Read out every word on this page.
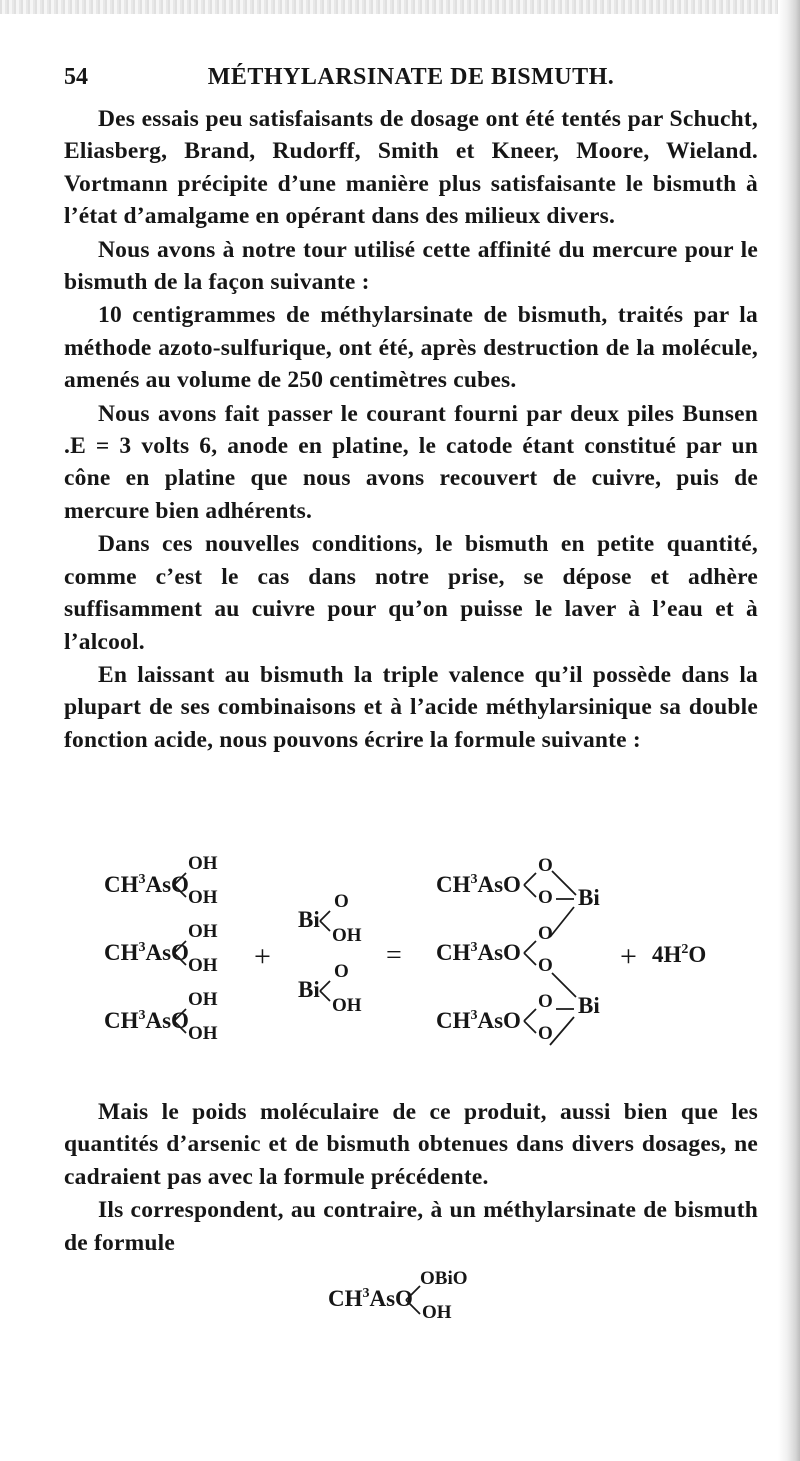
54	MÉTHYLARSINATE DE BISMUTH.

Des essais peu satisfaisants de dosage ont été tentés par Schucht, Eliasberg, Brand, Rudorff, Smith et Kneer, Moore, Wieland. Vortmann précipite d’une manière plus satisfaisante le bismuth à l’état d’amalgame en opérant dans des milieux divers.

Nous avons à notre tour utilisé cette affinité du mercure pour le bismuth de la façon suivante :

10 centigrammes de méthylarsinate de bismuth, traités par la méthode azoto-sulfurique, ont été, après destruction de la molécule, amenés au volume de 250 centimètres cubes.

Nous avons fait passer le courant fourni par deux piles Bunsen .E = 3 volts 6, anode en platine, le catode étant constitué par un cône en platine que nous avons recouvert de cuivre, puis de mercure bien adhérents.

Dans ces nouvelles conditions, le bismuth en petite quantité, comme c’est le cas dans notre prise, se dépose et adhère suffisamment au cuivre pour qu’on puisse le laver à l’eau et à l’alcool.

En laissant au bismuth la triple valence qu’il possède dans la plupart de ses combinaisons et à l’acide méthylarsinique sa double fonction acide, nous pouvons écrire la formule suivante :

$CH^3AsO$
OH
OH
$CH^3AsO$
OH
OH
$CH^3AsO$
OH
OH
+
Bi
O
OH
Bi
O
OH
=
$CH^3AsO$
O
O Bi
$CH^3AsO$
O
O
$CH^3AsO$
O
O
Bi
+ $4H^2O$

Mais le poids moléculaire de ce produit, aussi bien que les quantités d’arsenic et de bismuth obtenues dans divers dosages, ne cadraient pas avec la formule précédente.

Ils correspondent, au contraire, à un méthylarsinate de bismuth de formule

$CH^3AsO$
OBiO
OH
